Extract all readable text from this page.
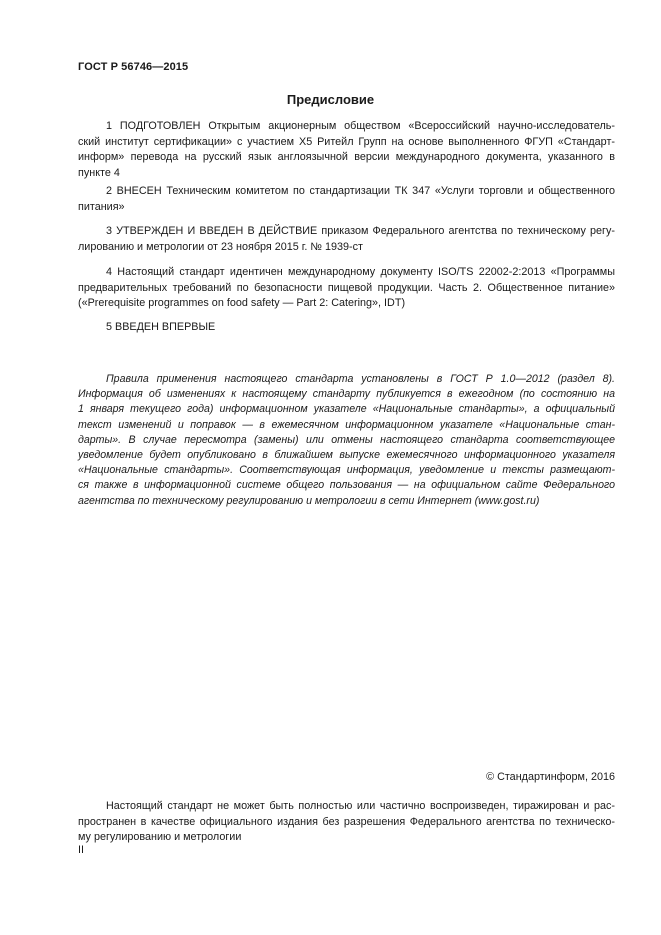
ГОСТ Р 56746—2015
Предисловие
1 ПОДГОТОВЛЕН Открытым акционерным обществом «Всероссийский научно-исследователь-
ский институт сертификации» с участием X5 Ритейл Групп на основе выполненного ФГУП «Стандарт-
информ» перевода на русский язык англоязычной версии международного документа, указанного в
пункте 4
2 ВНЕСЕН Техническим комитетом по стандартизации ТК 347 «Услуги торговли и общественного
питания»
3 УТВЕРЖДЕН И ВВЕДЕН В ДЕЙСТВИЕ приказом Федерального агентства по техническому регу-
лированию и метрологии от 23 ноября 2015 г. № 1939-ст
4 Настоящий стандарт идентичен международному документу ISO/TS 22002-2:2013 «Программы
предварительных требований по безопасности пищевой продукции. Часть 2. Общественное питание»
(«Prerequisite programmes on food safety — Part 2: Catering», IDT)
5 ВВЕДЕН ВПЕРВЫЕ
Правила применения настоящего стандарта установлены в ГОСТ Р 1.0—2012 (раздел 8).
Информация об изменениях к настоящему стандарту публикуется в ежегодном (по состоянию на
1 января текущего года) информационном указателе «Национальные стандарты», а официальный
текст изменений и поправок — в ежемесячном информационном указателе «Национальные стан-
дарты». В случае пересмотра (замены) или отмены настоящего стандарта соответствующее
уведомление будет опубликовано в ближайшем выпуске ежемесячного информационного указателя
«Национальные стандарты». Соответствующая информация, уведомление и тексты размещают-
ся также в информационной системе общего пользования — на официальном сайте Федерального
агентства по техническому регулированию и метрологии в сети Интернет (www.gost.ru)
© Стандартинформ, 2016
Настоящий стандарт не может быть полностью или частично воспроизведен, тиражирован и рас-
пространен в качестве официального издания без разрешения Федерального агентства по техническо-
му регулированию и метрологии
II
